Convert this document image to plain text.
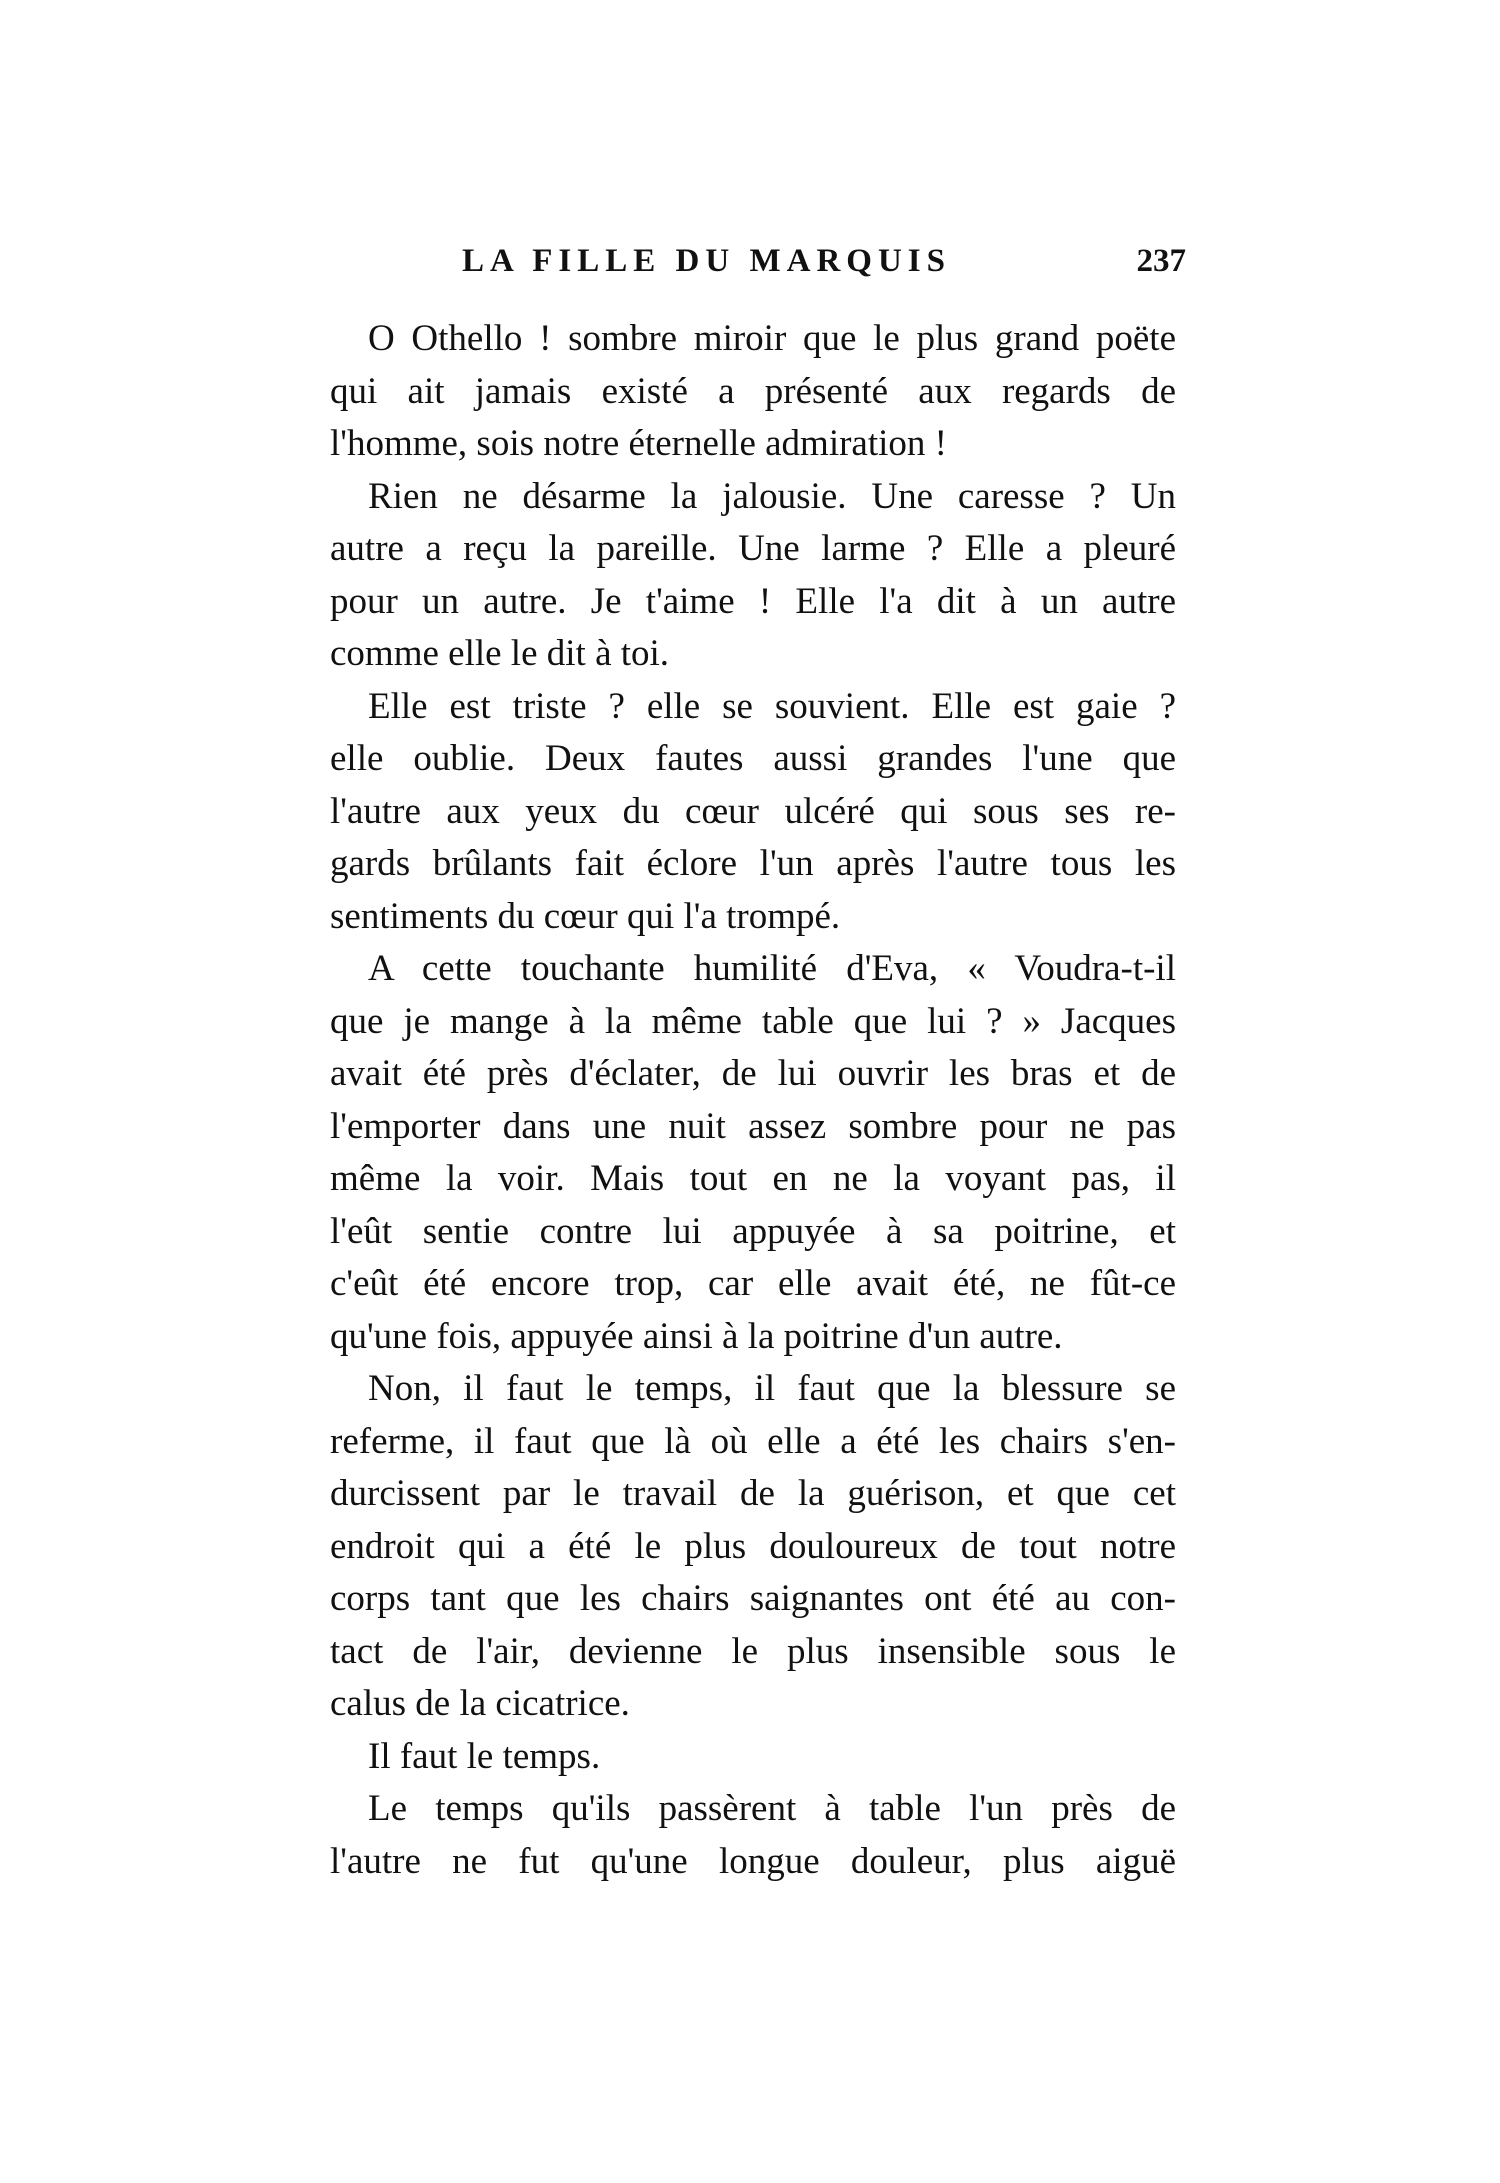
LA FILLE DU MARQUIS	237
O Othello ! sombre miroir que le plus grand poëte
qui ait jamais existé a présenté aux regards de
l'homme, sois notre éternelle admiration !
Rien ne désarme la jalousie. Une caresse ? Un
autre a reçu la pareille. Une larme ? Elle a pleuré
pour un autre. Je t'aime ! Elle l'a dit à un autre
comme elle le dit à toi.
Elle est triste ? elle se souvient. Elle est gaie ?
elle oublie. Deux fautes aussi grandes l'une que
l'autre aux yeux du cœur ulcéré qui sous ses re-
gards brûlants fait éclore l'un après l'autre tous les
sentiments du cœur qui l'a trompé.
A cette touchante humilité d'Eva, « Voudra-t-il
que je mange à la même table que lui ? » Jacques
avait été près d'éclater, de lui ouvrir les bras et de
l'emporter dans une nuit assez sombre pour ne pas
même la voir. Mais tout en ne la voyant pas, il
l'eût sentie contre lui appuyée à sa poitrine, et
c'eût été encore trop, car elle avait été, ne fût-ce
qu'une fois, appuyée ainsi à la poitrine d'un autre.
Non, il faut le temps, il faut que la blessure se
referme, il faut que là où elle a été les chairs s'en-
durcissent par le travail de la guérison, et que cet
endroit qui a été le plus douloureux de tout notre
corps tant que les chairs saignantes ont été au con-
tact de l'air, devienne le plus insensible sous le
calus de la cicatrice.
Il faut le temps.
Le temps qu'ils passèrent à table l'un près de
l'autre ne fut qu'une longue douleur, plus aiguë
